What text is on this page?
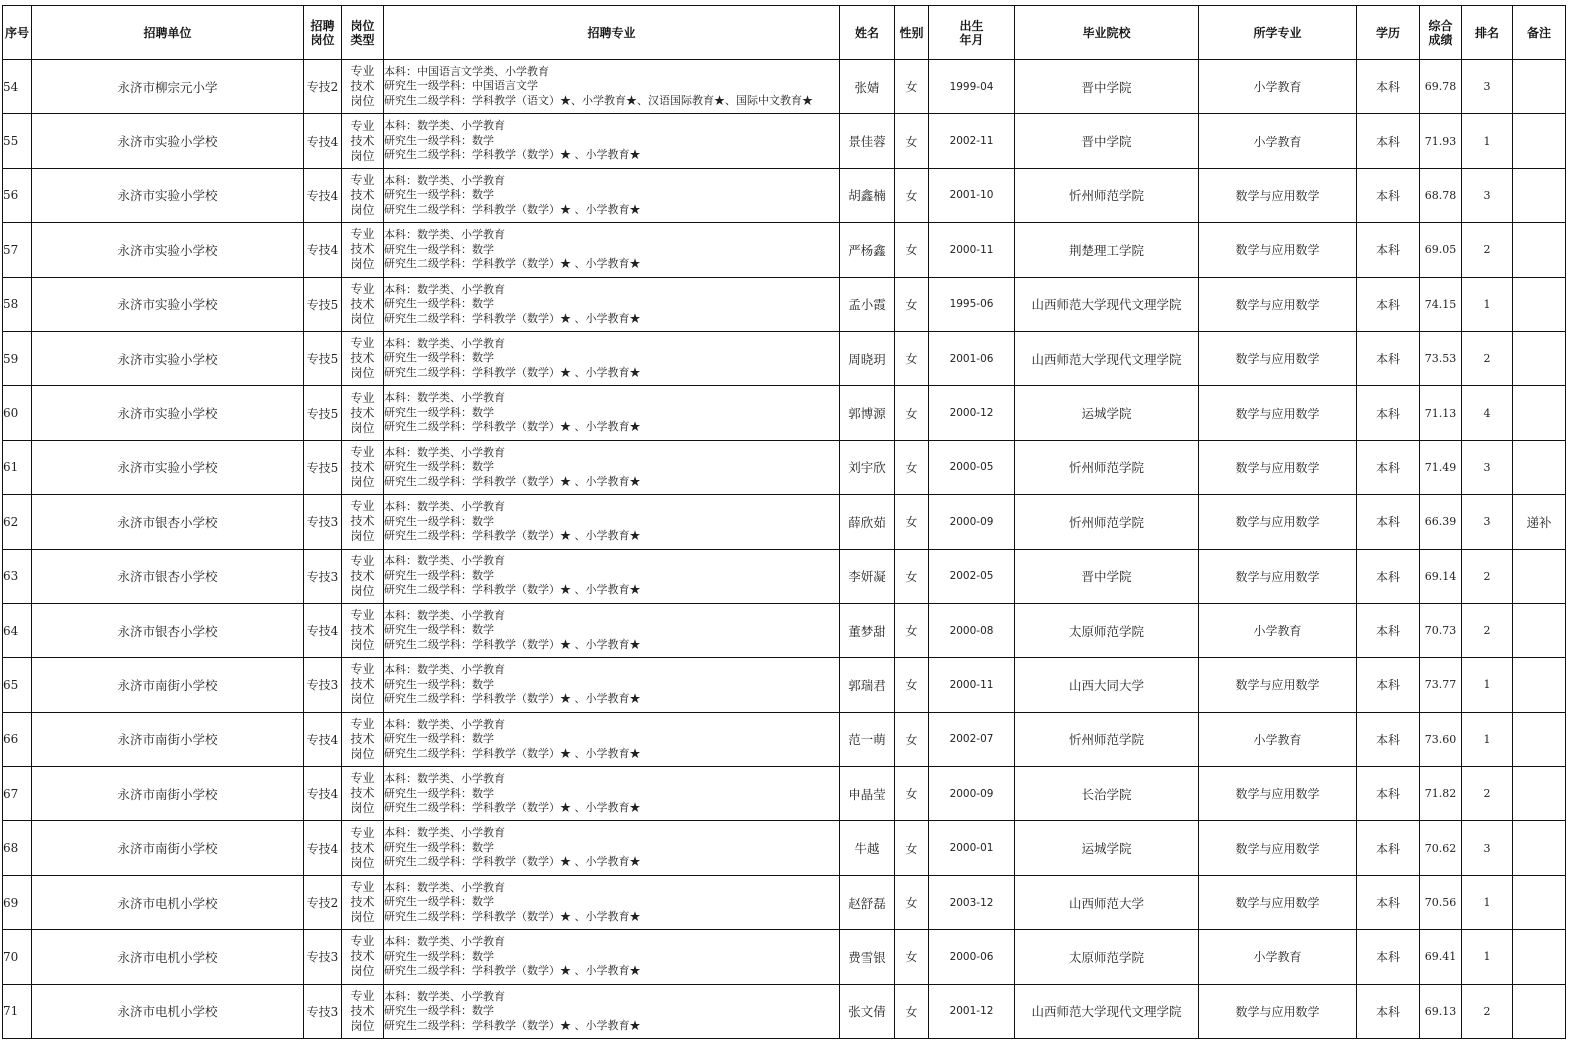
序号	招聘单位	招聘
岗位	岗位
类型	招聘专业	姓名	性别	出生
年月	毕业院校	所学专业	学历	综合
成绩	排名	备注
54	永济市柳宗元小学	专技2	专业
技术
岗位	本科：中国语言文学类、小学教育
研究生一级学科：中国语言文学
研究生二级学科：学科教学（语文）★、小学教育★、汉语国际教育★、国际中文教育★	张婧	女	1999-04	晋中学院	小学教育	本科	69.78	3	
55	永济市实验小学校	专技4	专业
技术
岗位	本科：数学类、小学教育
研究生一级学科：数学
研究生二级学科：学科教学（数学）★ 、小学教育★	景佳蓉	女	2002-11	晋中学院	小学教育	本科	71.93	1	
56	永济市实验小学校	专技4	专业
技术
岗位	本科：数学类、小学教育
研究生一级学科：数学
研究生二级学科：学科教学（数学）★ 、小学教育★	胡鑫楠	女	2001-10	忻州师范学院	数学与应用数学	本科	68.78	3	
57	永济市实验小学校	专技4	专业
技术
岗位	本科：数学类、小学教育
研究生一级学科：数学
研究生二级学科：学科教学（数学）★ 、小学教育★	严杨鑫	女	2000-11	荆楚理工学院	数学与应用数学	本科	69.05	2	
58	永济市实验小学校	专技5	专业
技术
岗位	本科：数学类、小学教育
研究生一级学科：数学
研究生二级学科：学科教学（数学）★ 、小学教育★	孟小霞	女	1995-06	山西师范大学现代文理学院	数学与应用数学	本科	74.15	1	
59	永济市实验小学校	专技5	专业
技术
岗位	本科：数学类、小学教育
研究生一级学科：数学
研究生二级学科：学科教学（数学）★ 、小学教育★	周晓玥	女	2001-06	山西师范大学现代文理学院	数学与应用数学	本科	73.53	2	
60	永济市实验小学校	专技5	专业
技术
岗位	本科：数学类、小学教育
研究生一级学科：数学
研究生二级学科：学科教学（数学）★ 、小学教育★	郭博源	女	2000-12	运城学院	数学与应用数学	本科	71.13	4	
61	永济市实验小学校	专技5	专业
技术
岗位	本科：数学类、小学教育
研究生一级学科：数学
研究生二级学科：学科教学（数学）★ 、小学教育★	刘宇欣	女	2000-05	忻州师范学院	数学与应用数学	本科	71.49	3	
62	永济市银杏小学校	专技3	专业
技术
岗位	本科：数学类、小学教育
研究生一级学科：数学
研究生二级学科：学科教学（数学）★ 、小学教育★	薛欣茹	女	2000-09	忻州师范学院	数学与应用数学	本科	66.39	3	递补
63	永济市银杏小学校	专技3	专业
技术
岗位	本科：数学类、小学教育
研究生一级学科：数学
研究生二级学科：学科教学（数学）★ 、小学教育★	李妍凝	女	2002-05	晋中学院	数学与应用数学	本科	69.14	2	
64	永济市银杏小学校	专技4	专业
技术
岗位	本科：数学类、小学教育
研究生一级学科：数学
研究生二级学科：学科教学（数学）★ 、小学教育★	董梦甜	女	2000-08	太原师范学院	小学教育	本科	70.73	2	
65	永济市南街小学校	专技3	专业
技术
岗位	本科：数学类、小学教育
研究生一级学科：数学
研究生二级学科：学科教学（数学）★ 、小学教育★	郭瑞君	女	2000-11	山西大同大学	数学与应用数学	本科	73.77	1	
66	永济市南街小学校	专技4	专业
技术
岗位	本科：数学类、小学教育
研究生一级学科：数学
研究生二级学科：学科教学（数学）★ 、小学教育★	范一萌	女	2002-07	忻州师范学院	小学教育	本科	73.60	1	
67	永济市南街小学校	专技4	专业
技术
岗位	本科：数学类、小学教育
研究生一级学科：数学
研究生二级学科：学科教学（数学）★ 、小学教育★	申晶莹	女	2000-09	长治学院	数学与应用数学	本科	71.82	2	
68	永济市南街小学校	专技4	专业
技术
岗位	本科：数学类、小学教育
研究生一级学科：数学
研究生二级学科：学科教学（数学）★ 、小学教育★	牛越	女	2000-01	运城学院	数学与应用数学	本科	70.62	3	
69	永济市电机小学校	专技2	专业
技术
岗位	本科：数学类、小学教育
研究生一级学科：数学
研究生二级学科：学科教学（数学）★ 、小学教育★	赵舒磊	女	2003-12	山西师范大学	数学与应用数学	本科	70.56	1	
70	永济市电机小学校	专技3	专业
技术
岗位	本科：数学类、小学教育
研究生一级学科：数学
研究生二级学科：学科教学（数学）★ 、小学教育★	费雪银	女	2000-06	太原师范学院	小学教育	本科	69.41	1	
71	永济市电机小学校	专技3	专业
技术
岗位	本科：数学类、小学教育
研究生一级学科：数学
研究生二级学科：学科教学（数学）★ 、小学教育★	张文倩	女	2001-12	山西师范大学现代文理学院	数学与应用数学	本科	69.13	2	
